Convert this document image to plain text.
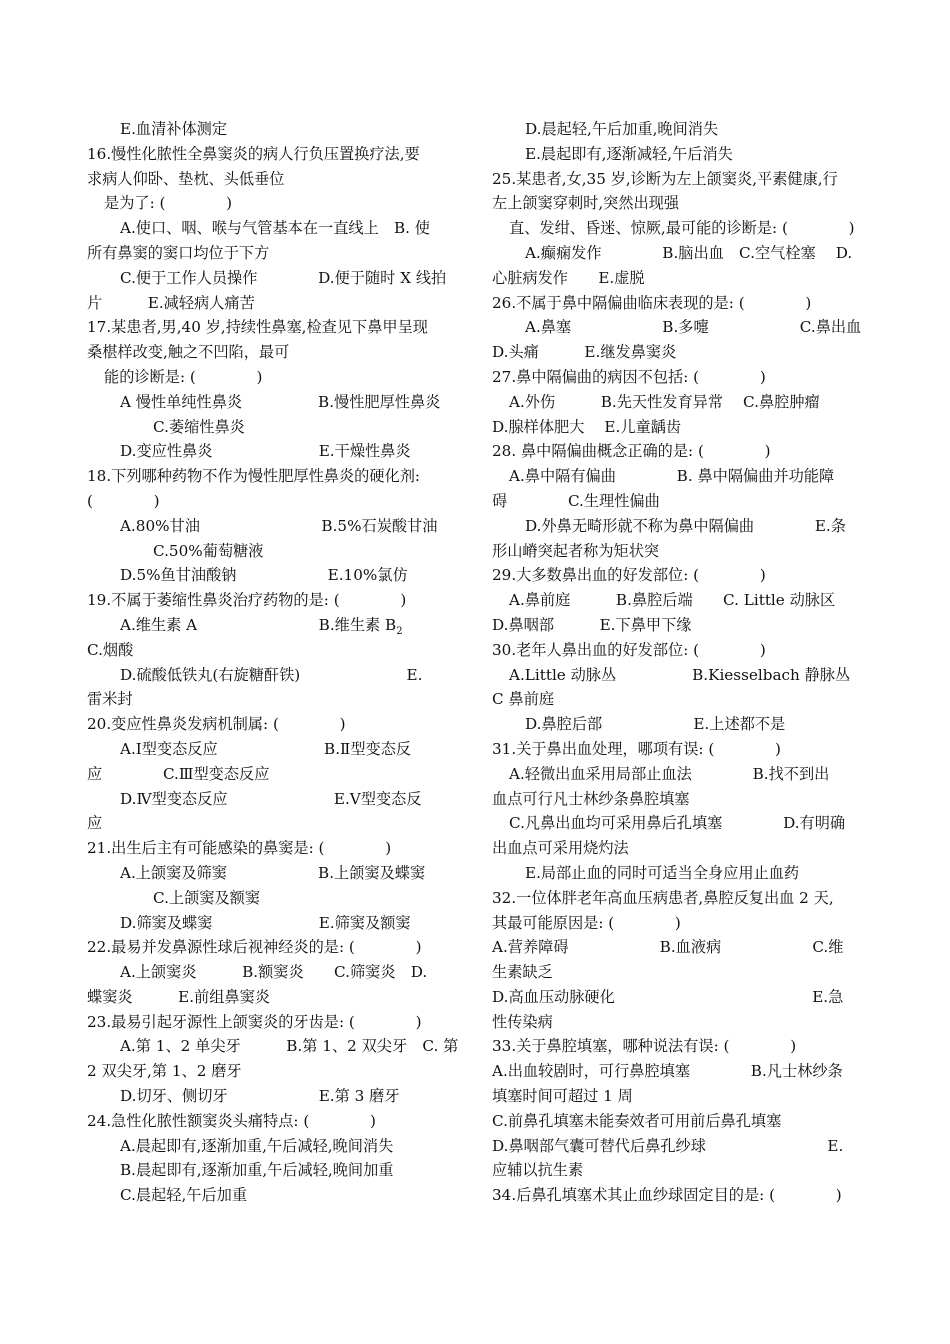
E.血清补体测定
16.慢性化脓性全鼻窦炎的病人行负压置换疗法,要
求病人仰卧、垫枕、头低垂位
是为了: (　　　　)
A.使口、咽、喉与气管基本在一直线上　B. 使
所有鼻窦的窦口均位于下方
C.便于工作人员操作　　　　D.便于随时 X 线拍
片　　　E.减轻病人痛苦
17.某患者,男,40 岁,持续性鼻塞,检查见下鼻甲呈现
桑椹样改变,触之不凹陷，最可
能的诊断是: (　　　　)
A 慢性单纯性鼻炎　　　　　B.慢性肥厚性鼻炎
C.萎缩性鼻炎
D.变应性鼻炎　　　　　　　E.干燥性鼻炎
18.下列哪种药物不作为慢性肥厚性鼻炎的硬化剂:
(　　　　)
A.80%甘油　　　　　　　　B.5%石炭酸甘油
C.50%葡萄糖液
D.5%鱼甘油酸钠　　　　　　E.10%氯仿
19.不属于萎缩性鼻炎治疗药物的是: (　　　　)
A.维生素 A　　　　　　　　B.维生素 $B_2$
C.烟酸
D.硫酸低铁丸(右旋糖酐铁)　　　　　　　E.
雷米封
20.变应性鼻炎发病机制属: (　　　　)
A.Ⅰ型变态反应　　　　　　　B.Ⅱ型变态反
应　　　　C.Ⅲ型变态反应
D.Ⅳ型变态反应　　　　　　　E.Ⅴ型变态反
应
21.出生后主有可能感染的鼻窦是: (　　　　)
A.上颌窦及筛窦　　　　　　B.上颌窦及蝶窦
C.上颌窦及额窦
D.筛窦及蝶窦　　　　　　　E.筛窦及额窦
22.最易并发鼻源性球后视神经炎的是: (　　　　)
A.上颌窦炎　　　B.额窦炎　　C.筛窦炎　D.
蝶窦炎　　　E.前组鼻窦炎
23.最易引起牙源性上颌窦炎的牙齿是: (　　　　)
A.第 1、2 单尖牙　　　B.第 1、2 双尖牙　C. 第
2 双尖牙,第 1、2 磨牙
D.切牙、侧切牙　　　　　　E.第 3 磨牙
24.急性化脓性额窦炎头痛特点: (　　　　)
A.晨起即有,逐渐加重,午后减轻,晚间消失
B.晨起即有,逐渐加重,午后减轻,晚间加重
C.晨起轻,午后加重
D.晨起轻,午后加重,晚间消失
E.晨起即有,逐渐减轻,午后消失
25.某患者,女,35 岁,诊断为左上颌窦炎,平素健康,行
左上颌窦穿刺时,突然出现强
直、发绀、昏迷、惊厥,最可能的诊断是: (　　　　)
A.癫痫发作　　　　B.脑出血　C.空气栓塞　 D.
心脏病发作　　E.虚脱
26.不属于鼻中隔偏曲临床表现的是: (　　　　)
A.鼻塞　　　　　　B.多嚏　　　　　　C.鼻出血
D.头痛　　　E.继发鼻窦炎
27.鼻中隔偏曲的病因不包括: (　　　　)
A.外伤　　　B.先天性发育异常　 C.鼻腔肿瘤
D.腺样体肥大　 E.儿童龋齿
28. 鼻中隔偏曲概念正确的是: (　　　　)
A.鼻中隔有偏曲　　　　B. 鼻中隔偏曲并功能障
碍　　　　C.生理性偏曲
D.外鼻无畸形就不称为鼻中隔偏曲　　　　E.条
形山嵴突起者称为矩状突
29.大多数鼻出血的好发部位: (　　　　)
A.鼻前庭　　　B.鼻腔后端　　C. Little 动脉区
D.鼻咽部　　　E.下鼻甲下缘
30.老年人鼻出血的好发部位: (　　　　)
A.Little 动脉丛　　　　　B.Kiesselbach 静脉丛
C 鼻前庭
D.鼻腔后部　　　　　　E.上述都不是
31.关于鼻出血处理，哪项有误: (　　　　)
A.轻微出血采用局部止血法　　　　B.找不到出
血点可行凡士林纱条鼻腔填塞
C.凡鼻出血均可采用鼻后孔填塞　　　　D.有明确
出血点可采用烧灼法
E.局部止血的同时可适当全身应用止血药
32.一位体胖老年高血压病患者,鼻腔反复出血 2 天,
其最可能原因是: (　　　　)
A.营养障碍　　　　　　B.血液病　　　　　　C.维
生素缺乏
D.高血压动脉硬化　　　　　　　　　　　　　E.急
性传染病
33.关于鼻腔填塞，哪种说法有误: (　　　　)
A.出血较剧时，可行鼻腔填塞　　　　B.凡士林纱条
填塞时间可超过 1 周
C.前鼻孔填塞未能奏效者可用前后鼻孔填塞
D.鼻咽部气囊可替代后鼻孔纱球　　　　　　　　E.
应辅以抗生素
34.后鼻孔填塞术其止血纱球固定目的是: (　　　　)
